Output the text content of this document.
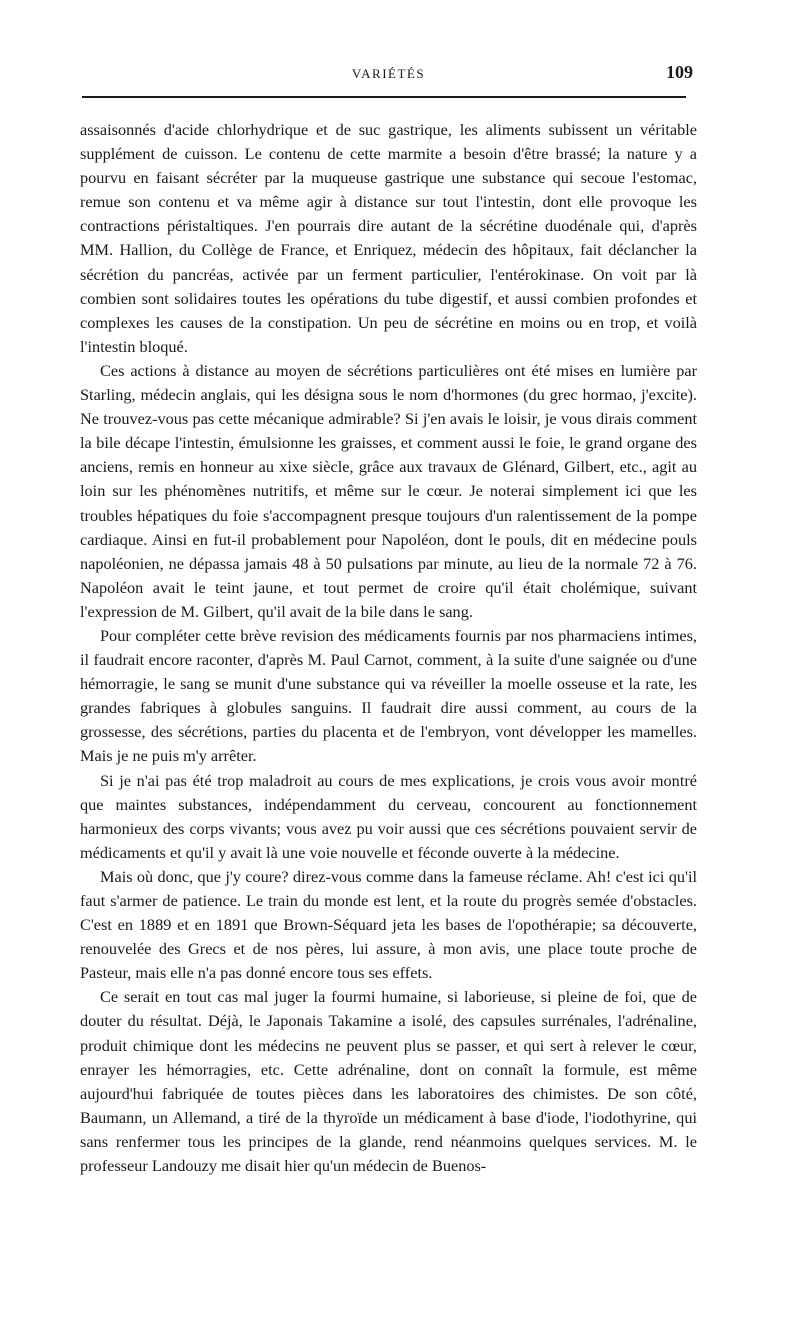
VARIÉTÉS	109

assaisonnés d'acide chlorhydrique et de suc gastrique, les aliments subissent un véritable supplément de cuisson. Le contenu de cette marmite a besoin d'être brassé; la nature y a pourvu en faisant sécréter par la muqueuse gastrique une substance qui secoue l'estomac, remue son contenu et va même agir à distance sur tout l'intestin, dont elle provoque les contractions péristaltiques. J'en pourrais dire autant de la sécrétine duodénale qui, d'après MM. Hallion, du Collège de France, et Enriquez, médecin des hôpitaux, fait déclancher la sécrétion du pancréas, activée par un ferment particulier, l'entérokinase. On voit par là combien sont solidaires toutes les opérations du tube digestif, et aussi combien profondes et complexes les causes de la constipation. Un peu de sécrétine en moins ou en trop, et voilà l'intestin bloqué.

Ces actions à distance au moyen de sécrétions particulières ont été mises en lumière par Starling, médecin anglais, qui les désigna sous le nom d'hormones (du grec hormao, j'excite). Ne trouvez-vous pas cette mécanique admirable? Si j'en avais le loisir, je vous dirais comment la bile décape l'intestin, émulsionne les graisses, et comment aussi le foie, le grand organe des anciens, remis en honneur au xixe siècle, grâce aux travaux de Glénard, Gilbert, etc., agit au loin sur les phénomènes nutritifs, et même sur le cœur. Je noterai simplement ici que les troubles hépatiques du foie s'accompagnent presque toujours d'un ralentissement de la pompe cardiaque. Ainsi en fut-il probablement pour Napoléon, dont le pouls, dit en médecine pouls napoléonien, ne dépassa jamais 48 à 50 pulsations par minute, au lieu de la normale 72 à 76. Napoléon avait le teint jaune, et tout permet de croire qu'il était cholémique, suivant l'expression de M. Gilbert, qu'il avait de la bile dans le sang.

Pour compléter cette brève revision des médicaments fournis par nos pharmaciens intimes, il faudrait encore raconter, d'après M. Paul Carnot, comment, à la suite d'une saignée ou d'une hémorragie, le sang se munit d'une substance qui va réveiller la moelle osseuse et la rate, les grandes fabriques à globules sanguins. Il faudrait dire aussi comment, au cours de la grossesse, des sécrétions, parties du placenta et de l'embryon, vont développer les mamelles. Mais je ne puis m'y arrêter.

Si je n'ai pas été trop maladroit au cours de mes explications, je crois vous avoir montré que maintes substances, indépendamment du cerveau, concourent au fonctionnement harmonieux des corps vivants; vous avez pu voir aussi que ces sécrétions pouvaient servir de médicaments et qu'il y avait là une voie nouvelle et féconde ouverte à la médecine.

Mais où donc, que j'y coure? direz-vous comme dans la fameuse réclame. Ah! c'est ici qu'il faut s'armer de patience. Le train du monde est lent, et la route du progrès semée d'obstacles. C'est en 1889 et en 1891 que Brown-Séquard jeta les bases de l'opothérapie; sa découverte, renouvelée des Grecs et de nos pères, lui assure, à mon avis, une place toute proche de Pasteur, mais elle n'a pas donné encore tous ses effets.

Ce serait en tout cas mal juger la fourmi humaine, si laborieuse, si pleine de foi, que de douter du résultat. Déjà, le Japonais Takamine a isolé, des capsules surrénales, l'adrénaline, produit chimique dont les médecins ne peuvent plus se passer, et qui sert à relever le cœur, enrayer les hémorragies, etc. Cette adrénaline, dont on connaît la formule, est même aujourd'hui fabriquée de toutes pièces dans les laboratoires des chimistes. De son côté, Baumann, un Allemand, a tiré de la thyroïde un médicament à base d'iode, l'iodothyrine, qui sans renfermer tous les principes de la glande, rend néanmoins quelques services. M. le professeur Landouzy me disait hier qu'un médecin de Buenos-
